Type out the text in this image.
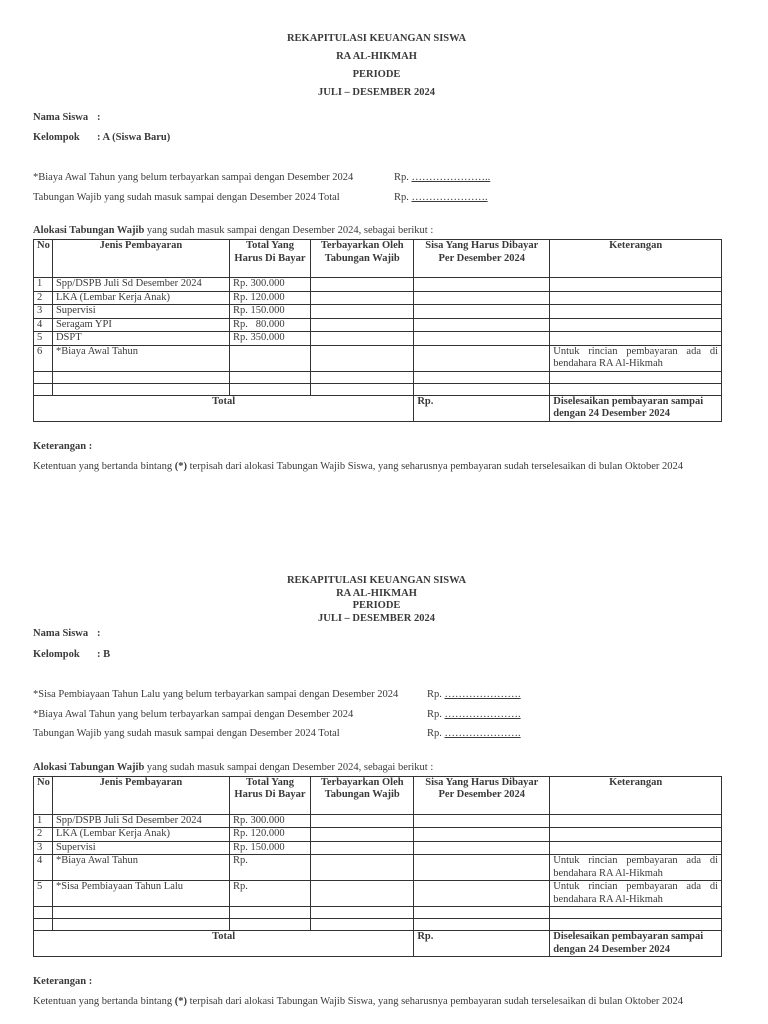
REKAPITULASI KEUANGAN SISWA
RA AL-HIKMAH
PERIODE
JULI – DESEMBER 2024
Nama Siswa :
Kelompok : A (Siswa Baru)
*Biaya Awal Tahun yang belum terbayarkan sampai dengan Desember 2024	Rp. …………………..
Tabungan Wajib yang sudah masuk sampai dengan Desember 2024 Total	Rp. ………………….
Alokasi Tabungan Wajib yang sudah masuk sampai dengan Desember 2024, sebagai berikut :
No	Jenis Pembayaran	Total Yang Harus Di Bayar	Terbayarkan Oleh Tabungan Wajib	Sisa Yang Harus Dibayar Per Desember 2024	Keterangan
1	Spp/DSPB Juli Sd Desember 2024	Rp. 300.000			
2	LKA (Lembar Kerja Anak)	Rp. 120.000			
3	Supervisi	Rp. 150.000			
4	Seragam YPI	Rp.   80.000			
5	DSPT	Rp. 350.000			
6	*Biaya Awal Tahun				Untuk rincian pembayaran ada di bendahara RA Al-Hikmah

Total				Rp.	Diselesaikan pembayaran sampai dengan 24 Desember 2024
Keterangan :
Ketentuan yang bertanda bintang (*) terpisah dari alokasi Tabungan Wajib Siswa, yang seharusnya pembayaran sudah terselesaikan di bulan Oktober 2024
REKAPITULASI KEUANGAN SISWA
RA AL-HIKMAH
PERIODE
JULI – DESEMBER 2024
Nama Siswa :
Kelompok : B
*Sisa Pembiayaan Tahun Lalu yang belum terbayarkan sampai dengan Desember 2024	Rp. ………………….
*Biaya Awal Tahun yang belum terbayarkan sampai dengan Desember 2024	Rp. ………………….
Tabungan Wajib yang sudah masuk sampai dengan Desember 2024 Total	Rp. ………………….
Alokasi Tabungan Wajib yang sudah masuk sampai dengan Desember 2024, sebagai berikut :
No	Jenis Pembayaran	Total Yang Harus Di Bayar	Terbayarkan Oleh Tabungan Wajib	Sisa Yang Harus Dibayar Per Desember 2024	Keterangan
1	Spp/DSPB Juli Sd Desember 2024	Rp. 300.000			
2	LKA (Lembar Kerja Anak)	Rp. 120.000			
3	Supervisi	Rp. 150.000			
4	*Biaya Awal Tahun	Rp.			Untuk rincian pembayaran ada di bendahara RA Al-Hikmah
5	*Sisa Pembiayaan Tahun Lalu	Rp.			Untuk rincian pembayaran ada di bendahara RA Al-Hikmah

Total				Rp.	Diselesaikan pembayaran sampai dengan 24 Desember 2024
Keterangan :
Ketentuan yang bertanda bintang (*) terpisah dari alokasi Tabungan Wajib Siswa, yang seharusnya pembayaran sudah terselesaikan di bulan Oktober 2024
